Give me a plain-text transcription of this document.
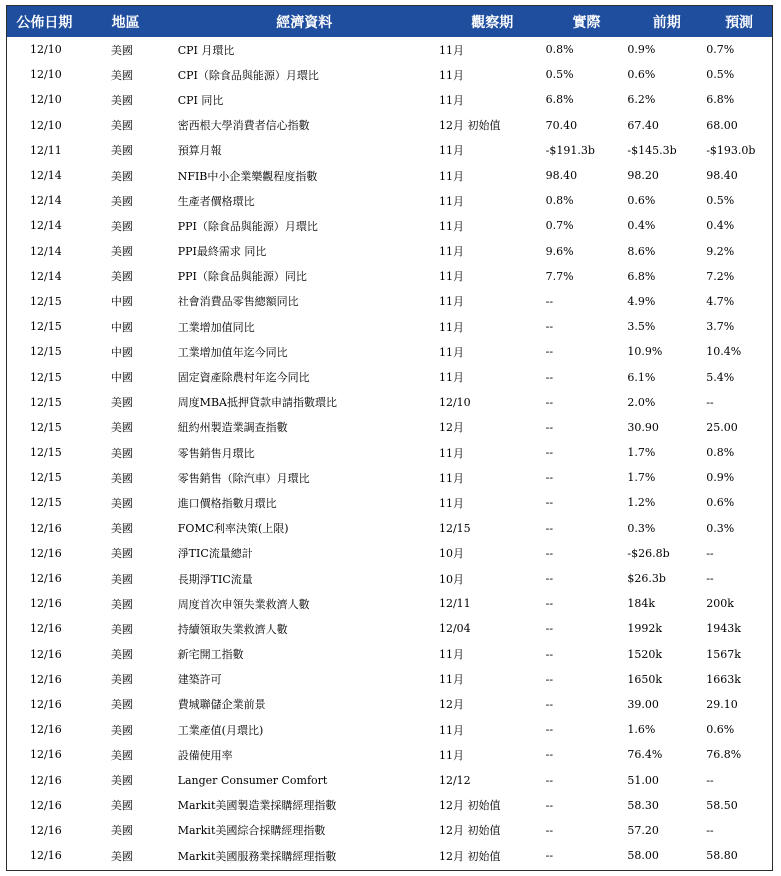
公佈日期	地區	經濟資料	觀察期	實際	前期	預測
12/10	美國	CPI 月環比	11月	0.8%	0.9%	0.7%
12/10	美國	CPI（除食品與能源）月環比	11月	0.5%	0.6%	0.5%
12/10	美國	CPI 同比	11月	6.8%	6.2%	6.8%
12/10	美國	密西根大學消費者信心指數	12月 初始值	70.40	67.40	68.00
12/11	美國	預算月報	11月	-$191.3b	-$145.3b	-$193.0b
12/14	美國	NFIB中小企業樂觀程度指數	11月	98.40	98.20	98.40
12/14	美國	生產者價格環比	11月	0.8%	0.6%	0.5%
12/14	美國	PPI（除食品與能源）月環比	11月	0.7%	0.4%	0.4%
12/14	美國	PPI最終需求 同比	11月	9.6%	8.6%	9.2%
12/14	美國	PPI（除食品與能源）同比	11月	7.7%	6.8%	7.2%
12/15	中國	社會消費品零售總額同比	11月	--	4.9%	4.7%
12/15	中國	工業增加值同比	11月	--	3.5%	3.7%
12/15	中國	工業增加值年迄今同比	11月	--	10.9%	10.4%
12/15	中國	固定資產除農村年迄今同比	11月	--	6.1%	5.4%
12/15	美國	周度MBA抵押貸款申請指數環比	12/10	--	2.0%	--
12/15	美國	紐約州製造業調查指數	12月	--	30.90	25.00
12/15	美國	零售銷售月環比	11月	--	1.7%	0.8%
12/15	美國	零售銷售（除汽車）月環比	11月	--	1.7%	0.9%
12/15	美國	進口價格指數月環比	11月	--	1.2%	0.6%
12/16	美國	FOMC利率決策(上限)	12/15	--	0.3%	0.3%
12/16	美國	淨TIC流量總計	10月	--	-$26.8b	--
12/16	美國	長期淨TIC流量	10月	--	$26.3b	--
12/16	美國	周度首次申領失業救濟人數	12/11	--	184k	200k
12/16	美國	持續領取失業救濟人數	12/04	--	1992k	1943k
12/16	美國	新宅開工指數	11月	--	1520k	1567k
12/16	美國	建築許可	11月	--	1650k	1663k
12/16	美國	費城聯儲企業前景	12月	--	39.00	29.10
12/16	美國	工業產值(月環比)	11月	--	1.6%	0.6%
12/16	美國	設備使用率	11月	--	76.4%	76.8%
12/16	美國	Langer Consumer Comfort	12/12	--	51.00	--
12/16	美國	Markit美國製造業採購經理指數	12月 初始值	--	58.30	58.50
12/16	美國	Markit美國綜合採購經理指數	12月 初始值	--	57.20	--
12/16	美國	Markit美國服務業採購經理指數	12月 初始值	--	58.00	58.80
